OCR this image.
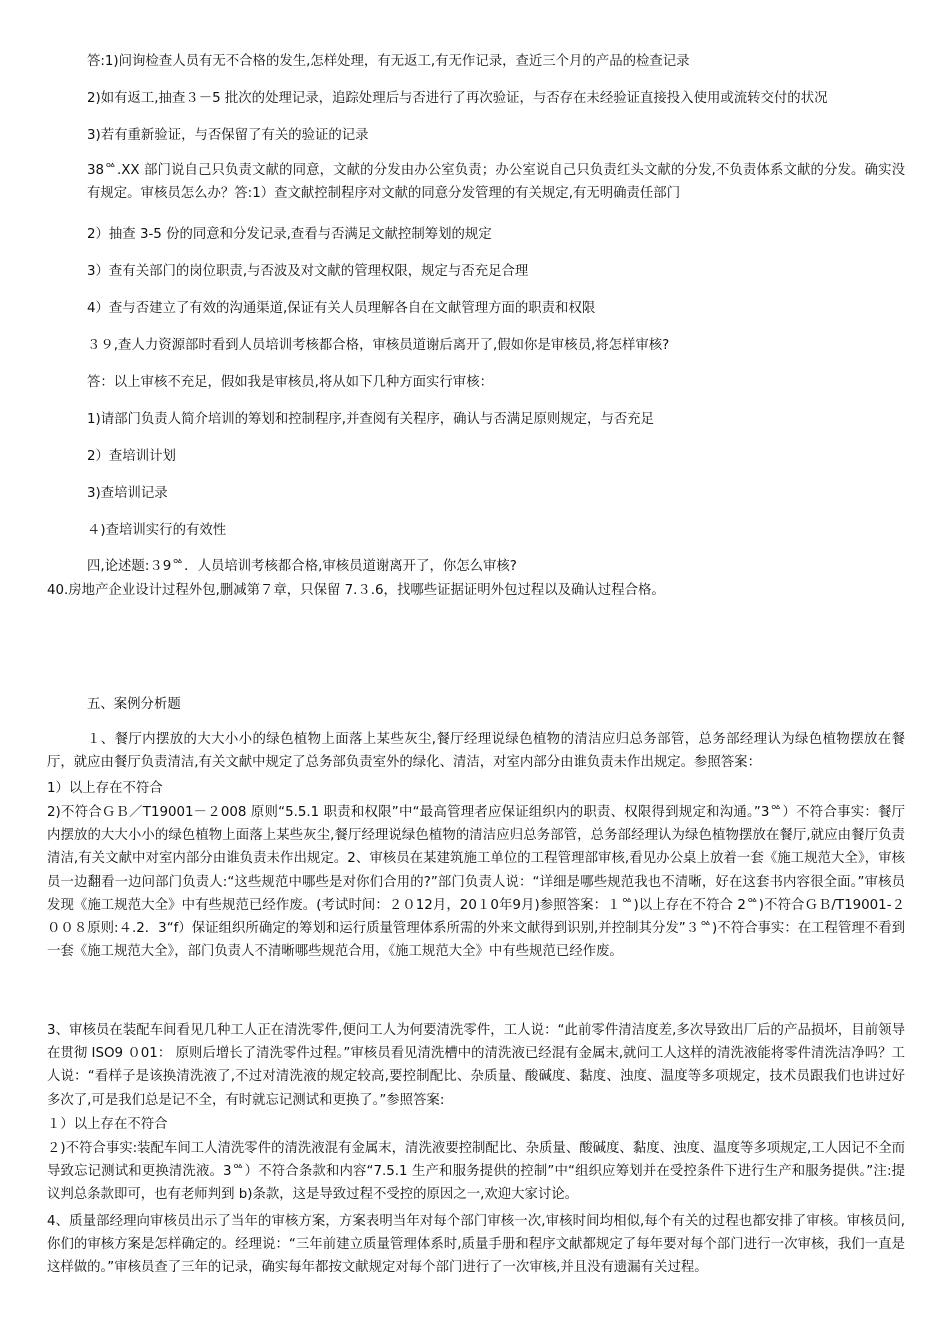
答:1)问询检查人员有无不合格的发生,怎样处理，有无返工,有无作记录，查近三个月的产品的检查记录
2)如有返工,抽查３－5 批次的处理记录，追踪处理后与否进行了再次验证，与否存在未经验证直接投入使用或流转交付的状况
3)若有重新验证，与否保留了有关的验证的记录
38ᅆ.XX 部门说自己只负责文献的同意，文献的分发由办公室负责；办公室说自己只负责红头文献的分发,不负责体系文献的分发。确实没有规定。审核员怎么办？答:1）查文献控制程序对文献的同意分发管理的有关规定,有无明确责任部门
2）抽查 3-5 份的同意和分发记录,查看与否满足文献控制筹划的规定
3）查有关部门的岗位职责,与否波及对文献的管理权限，规定与否充足合理
4）查与否建立了有效的沟通渠道,保证有关人员理解各自在文献管理方面的职责和权限
３９,查人力资源部时看到人员培训考核都合格，审核员道谢后离开了,假如你是审核员,将怎样审核?
答：以上审核不充足，假如我是审核员,将从如下几种方面实行审核：
1)请部门负责人简介培训的筹划和控制程序,并查阅有关程序，确认与否满足原则规定，与否充足
2）查培训计划
3)查培训记录
４)查培训实行的有效性
四,论述题:３9ᅆ．人员培训考核都合格,审核员道谢离开了，你怎么审核?
40.房地产企业设计过程外包,删减第７章，只保留 7.３.6，找哪些证据证明外包过程以及确认过程合格。
五、案例分析题
１、餐厅内摆放的大大小小的绿色植物上面落上某些灰尘,餐厅经理说绿色植物的清洁应归总务部管，总务部经理认为绿色植物摆放在餐厅，就应由餐厅负责清洁,有关文献中规定了总务部负责室外的绿化、清洁，对室内部分由谁负责未作出规定。参照答案：
1）以上存在不符合
2)不符合ＧＢ／T19001－２008 原则“5.5.1 职责和权限”中“最高管理者应保证组织内的职责、权限得到规定和沟通。”3ᅆ）不符合事实：餐厅内摆放的大大小小的绿色植物上面落上某些灰尘,餐厅经理说绿色植物的清洁应归总务部管，总务部经理认为绿色植物摆放在餐厅,就应由餐厅负责清洁,有关文献中对室内部分由谁负责未作出规定。2、审核员在某建筑施工单位的工程管理部审核,看见办公桌上放着一套《施工规范大全》，审核员一边翻看一边问部门负责人:“这些规范中哪些是对你们合用的?”部门负责人说：“详细是哪些规范我也不清晰，好在这套书内容很全面。”审核员发现《施工规范大全》中有些规范已经作废。(考试时间：２０12月，20１0年9月)参照答案：１ᅆ)以上存在不符合 2ᅆ)不符合ＧＢ/T19001-２００８原则:４.2．3“f）保证组织所确定的筹划和运行质量管理体系所需的外来文献得到识别,并控制其分发”３ᅆ)不符合事实：在工程管理不看到一套《施工规范大全》，部门负责人不清晰哪些规范合用，《施工规范大全》中有些规范已经作废。
3、审核员在装配车间看见几种工人正在清洗零件,便问工人为何要清洗零件，工人说：“此前零件清洁度差,多次导致出厂后的产品损坏，目前领导在贯彻 ISO9 ０01： 原则后增长了清洗零件过程。”审核员看见清洗槽中的清洗液已经混有金属末,就问工人这样的清洗液能将零件清洗洁净吗？工人说：“看样子是该换清洗液了,不过对清洗液的规定较高,要控制配比、杂质量、酸碱度、黏度、浊度、温度等多项规定，技术员跟我们也讲过好多次了,可是我们总是记不全，有时就忘记测试和更换了。”参照答案:
１）以上存在不符合
２)不符合事实:装配车间工人清洗零件的清洗液混有金属末，清洗液要控制配比、杂质量、酸碱度、黏度、浊度、温度等多项规定,工人因记不全而导致忘记测试和更换清洗液。3ᅆ）不符合条款和内容“7.5.1 生产和服务提供的控制”中“组织应筹划并在受控条件下进行生产和服务提供。”注:提议判总条款即可，也有老师判到 b)条款，这是导致过程不受控的原因之一,欢迎大家讨论。
4、质量部经理向审核员出示了当年的审核方案，方案表明当年对每个部门审核一次,审核时间均相似,每个有关的过程也都安排了审核。审核员问,你们的审核方案是怎样确定的。经理说：“三年前建立质量管理体系时,质量手册和程序文献都规定了每年要对每个部门进行一次审核，我们一直是这样做的。”审核员查了三年的记录，确实每年都按文献规定对每个部门进行了一次审核,并且没有遗漏有关过程。
